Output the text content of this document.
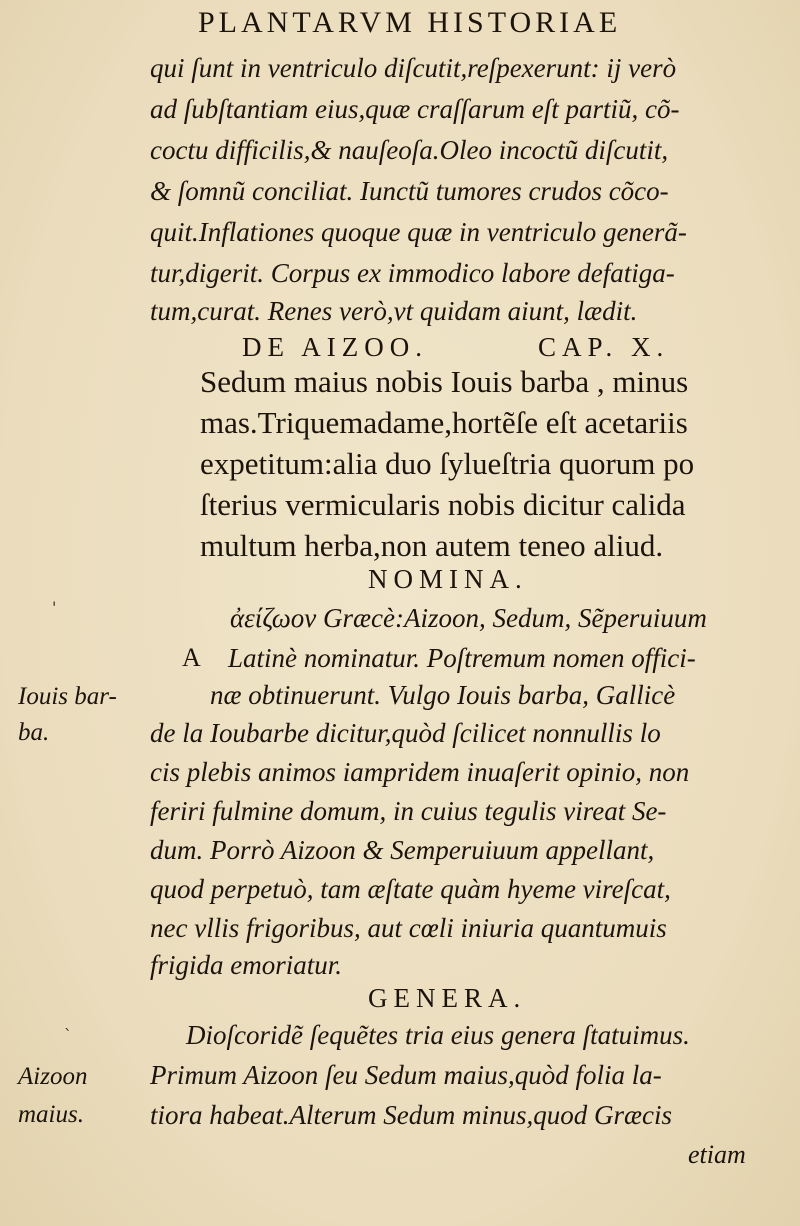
PLANTARVM HISTORIAE
qui ſunt in ventriculo diſcutit,reſpexerunt: ij verò
ad ſubſtantiam eius,quæ craſſarum eſt partiũ, cõ-
coctu difficilis,& nauſeoſa.Oleo incoctũ diſcutit,
& ſomnũ conciliat. Iunctũ tumores crudos cõco-
quit.Inflationes quoque quæ in ventriculo generã-
tur,digerit. Corpus ex immodico labore defatiga-
tum,curat. Renes verò,vt quidam aiunt, lædit.
DE AIZOO.	CAP. X.
Sedum maius nobis Iouis barba , minus
mas.Triquemadame,hortẽſe eſt acetariis
expetitum:alia duo ſylueſtria quorum po
ſterius vermicularis nobis dicitur calida
multum herba,non autem teneo aliud.
NOMINA.
ἀείζωον Græcè:Aizoon, Sedum, Sẽperuiuum
A Latinè nominatur. Poſtremum nomen offici-
næ obtinuerunt. Vulgo Iouis barba, Gallicè
de la Ioubarbe dicitur,quòd ſcilicet nonnullis lo
cis plebis animos iampridem inuaſerit opinio, non
feriri fulmine domum, in cuius tegulis vireat Se-
dum. Porrò Aizoon & Semperuiuum appellant,
quod perpetuò, tam æſtate quàm hyeme vireſcat,
nec vllis frigoribus, aut cœli iniuria quantumuis
frigida emoriatur.
GENERA.
Dioſcoridẽ ſequẽtes tria eius genera ſtatuimus.
Primum Aizoon ſeu Sedum maius,quòd folia la-
tiora habeat.Alterum Sedum minus,quod Græcis
etiam
Iouis bar-
ba.
Aizoon
maius.
'
`
